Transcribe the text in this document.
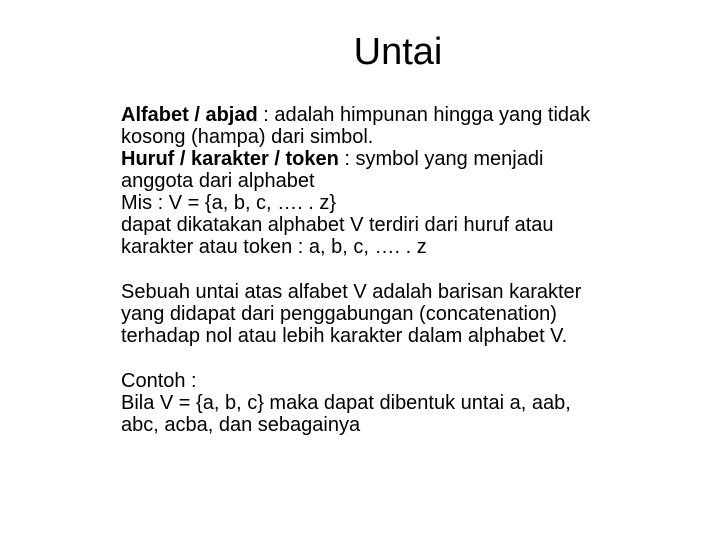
Untai
Alfabet / abjad : adalah himpunan hingga yang tidak
kosong (hampa) dari simbol.
Huruf / karakter / token : symbol yang menjadi
anggota dari alphabet
Mis : V = {a, b, c, …. . z}
dapat dikatakan alphabet V terdiri dari huruf atau
karakter atau token : a, b, c, …. . z
Sebuah untai atas alfabet V adalah barisan karakter
yang didapat dari penggabungan (concatenation)
terhadap nol atau lebih karakter dalam alphabet V.
Contoh :
Bila V = {a, b, c} maka dapat dibentuk untai a, aab,
abc, acba, dan sebagainya
